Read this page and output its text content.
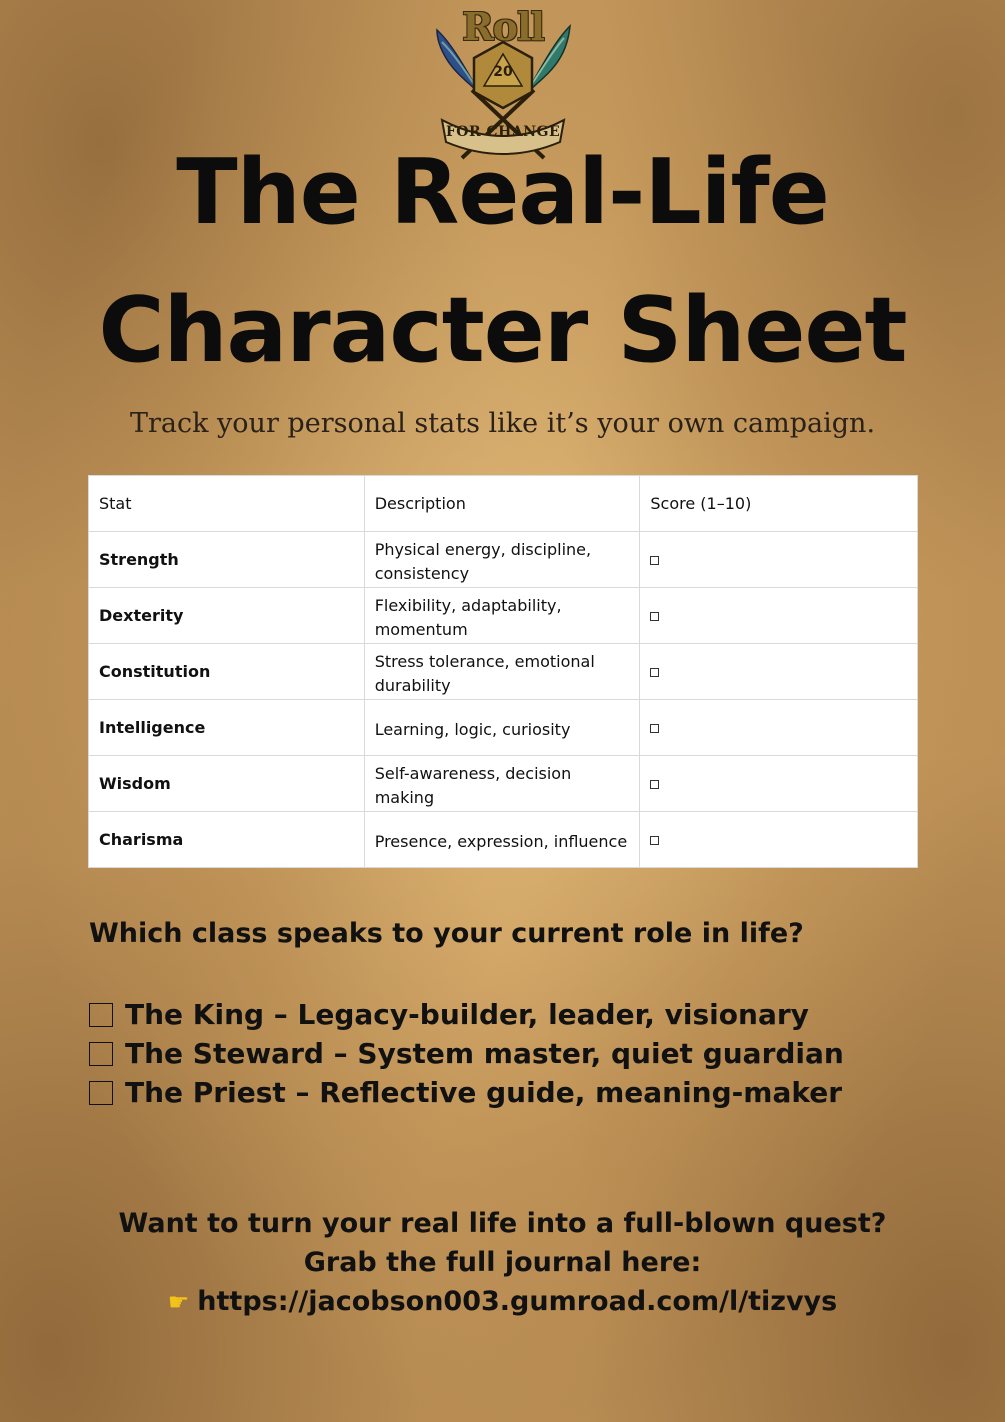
Roll
20
FOR CHANGE
The Real-Life
Character Sheet

Track your personal stats like it’s your own campaign.

Stat	Description	Score (1–10)
Strength	Physical energy, discipline, consistency	
Dexterity	Flexibility, adaptability, momentum	
Constitution	Stress tolerance, emotional durability	
Intelligence	Learning, logic, curiosity	
Wisdom	Self-awareness, decision making	
Charisma	Presence, expression, influence	

Which class speaks to your current role in life?

The King – Legacy-builder, leader, visionary
The Steward – System master, quiet guardian
The Priest – Reflective guide, meaning-maker

Want to turn your real life into a full-blown quest?

Grab the full journal here:

☛ https://jacobson003.gumroad.com/l/tizvys
